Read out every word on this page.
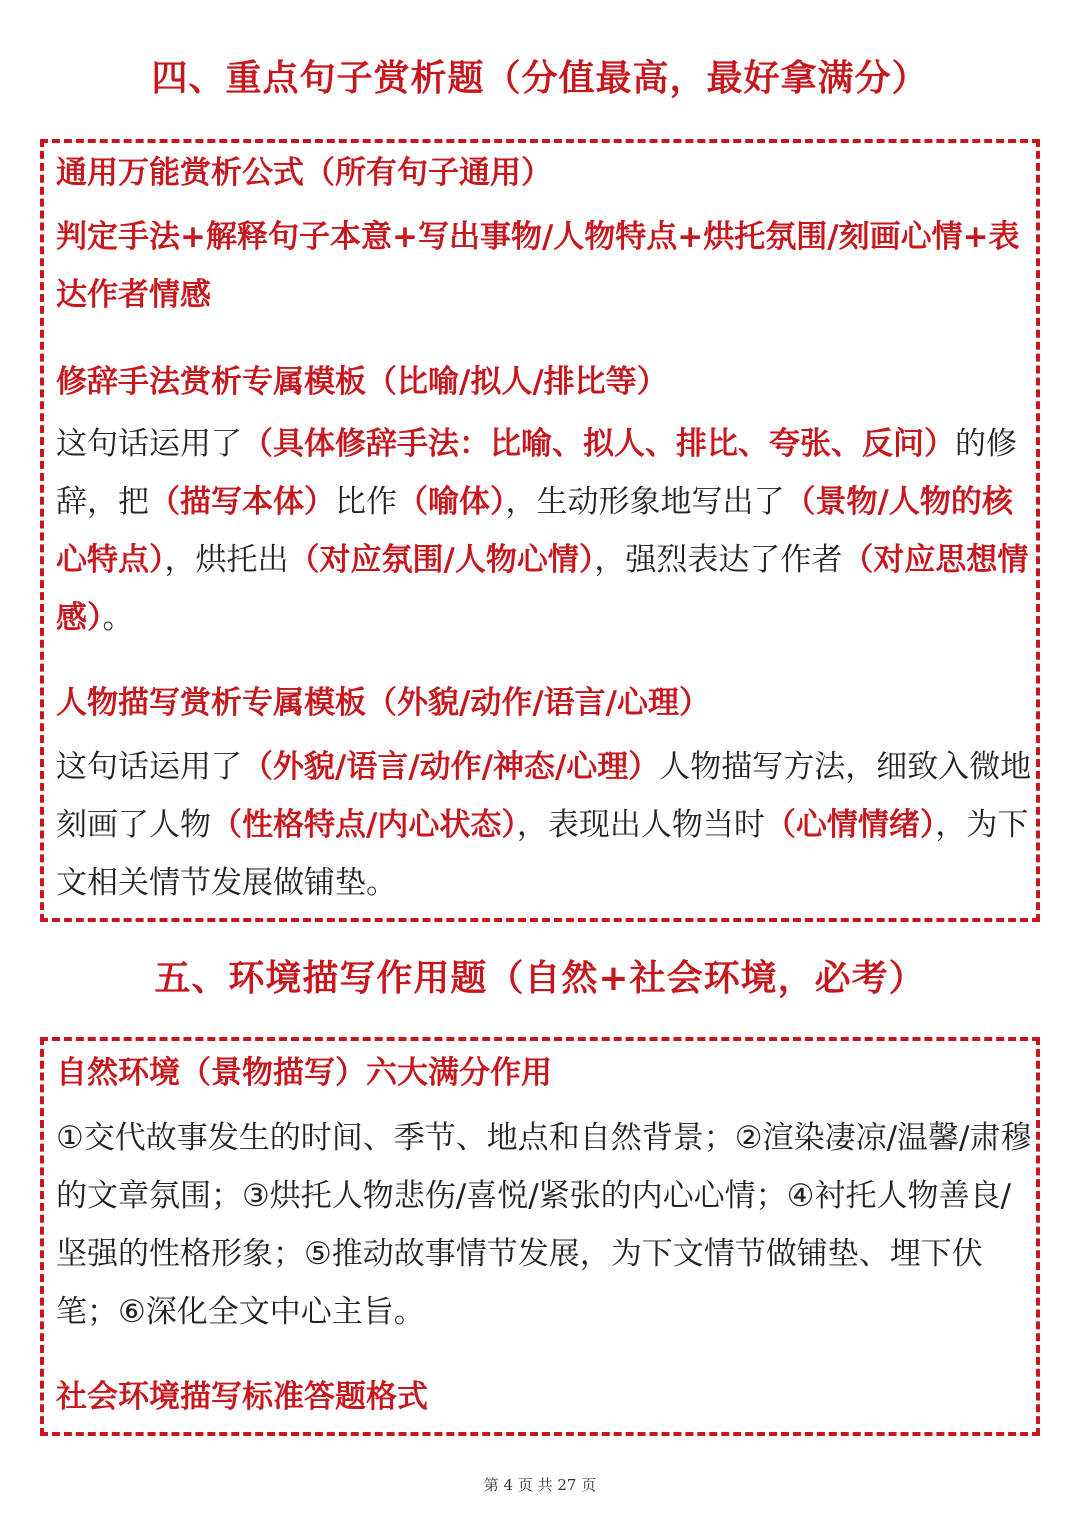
四、重点句子赏析题（分值最高，最好拿满分）
通用万能赏析公式（所有句子通用）
判定手法+解释句子本意+写出事物/人物特点+烘托氛围/刻画心情+表达作者情感
修辞手法赏析专属模板（比喻/拟人/排比等）
这句话运用了（具体修辞手法：比喻、拟人、排比、夸张、反问）的修辞，把（描写本体）比作（喻体），生动形象地写出了（景物/人物的核心特点），烘托出（对应氛围/人物心情），强烈表达了作者（对应思想情感）。
人物描写赏析专属模板（外貌/动作/语言/心理）
这句话运用了（外貌/语言/动作/神态/心理）人物描写方法，细致入微地刻画了人物（性格特点/内心状态），表现出人物当时（心情情绪），为下文相关情节发展做铺垫。
五、环境描写作用题（自然+社会环境，必考）
自然环境（景物描写）六大满分作用
①交代故事发生的时间、季节、地点和自然背景；②渲染凄凉/温馨/肃穆的文章氛围；③烘托人物悲伤/喜悦/紧张的内心心情；④衬托人物善良/坚强的性格形象；⑤推动故事情节发展，为下文情节做铺垫、埋下伏笔；⑥深化全文中心主旨。
社会环境描写标准答题格式
第 4 页 共 27 页
